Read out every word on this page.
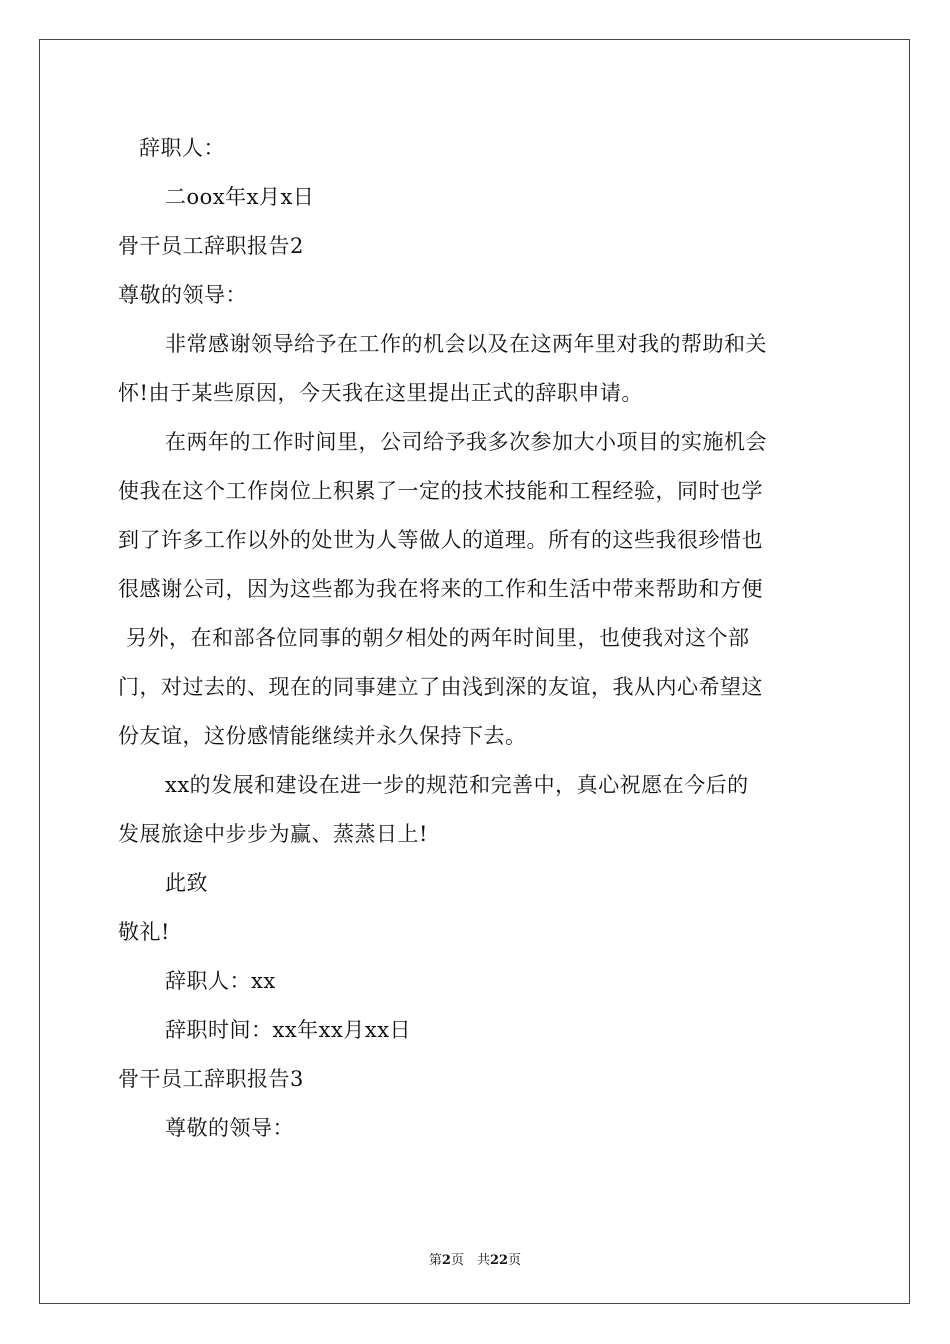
辞职人：
二oox年x月x日
骨干员工辞职报告2
尊敬的领导：
非常感谢领导给予在工作的机会以及在这两年里对我的帮助和关
怀!由于某些原因，今天我在这里提出正式的辞职申请。
在两年的工作时间里，公司给予我多次参加大小项目的实施机会
使我在这个工作岗位上积累了一定的技术技能和工程经验，同时也学
到了许多工作以外的处世为人等做人的道理。所有的这些我很珍惜也
很感谢公司，因为这些都为我在将来的工作和生活中带来帮助和方便
另外，在和部各位同事的朝夕相处的两年时间里，也使我对这个部
门，对过去的、现在的同事建立了由浅到深的友谊，我从内心希望这
份友谊，这份感情能继续并永久保持下去。
xx的发展和建设在进一步的规范和完善中，真心祝愿在今后的
发展旅途中步步为赢、蒸蒸日上!
此致
敬礼!
辞职人：xx
辞职时间：xx年xx月xx日
骨干员工辞职报告3
尊敬的领导：
第2页　共22页
